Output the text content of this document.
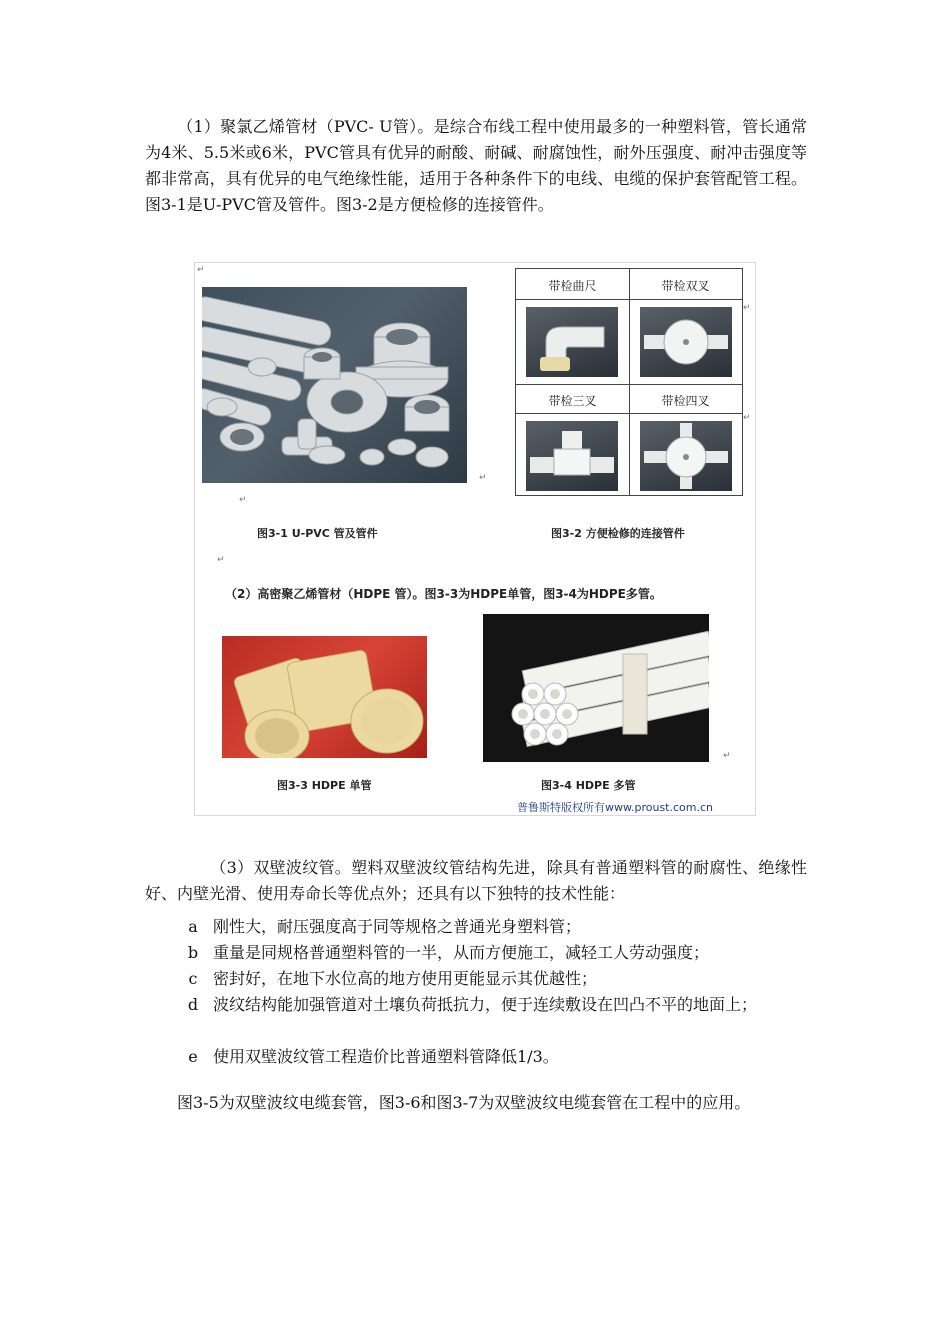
（1）聚氯乙烯管材（PVC- U管）。是综合布线工程中使用最多的一种塑料管，管长通常为4米、5.5米或6米，PVC管具有优异的耐酸、耐碱、耐腐蚀性，耐外压强度、耐冲击强度等都非常高，具有优异的电气绝缘性能，适用于各种条件下的电线、电缆的保护套管配管工程。图3-1是U-PVC管及管件。图3-2是方便检修的连接管件。

↵
↵
带检曲尺	带检双叉
带检三叉	带检四叉
↵
↵
↵
图3-1 U-PVC 管及管件	图3-2 方便检修的连接管件
↵
（2）高密聚乙烯管材（HDPE 管）。图3-3为HDPE单管，图3-4为HDPE多管。
↵
图3-3 HDPE 单管	图3-4 HDPE 多管
普鲁斯特版权所有www.proust.com.cn

（3）双壁波纹管。塑料双壁波纹管结构先进，除具有普通塑料管的耐腐性、绝缘性好、内壁光滑、使用寿命长等优点外；还具有以下独特的技术性能：

a 刚性大，耐压强度高于同等规格之普通光身塑料管；
b 重量是同规格普通塑料管的一半，从而方便施工，减轻工人劳动强度；
c 密封好，在地下水位高的地方使用更能显示其优越性；
d 波纹结构能加强管道对土壤负荷抵抗力，便于连续敷设在凹凸不平的地面上；
e 使用双壁波纹管工程造价比普通塑料管降低1/3。

图3-5为双壁波纹电缆套管，图3-6和图3-7为双壁波纹电缆套管在工程中的应用。
